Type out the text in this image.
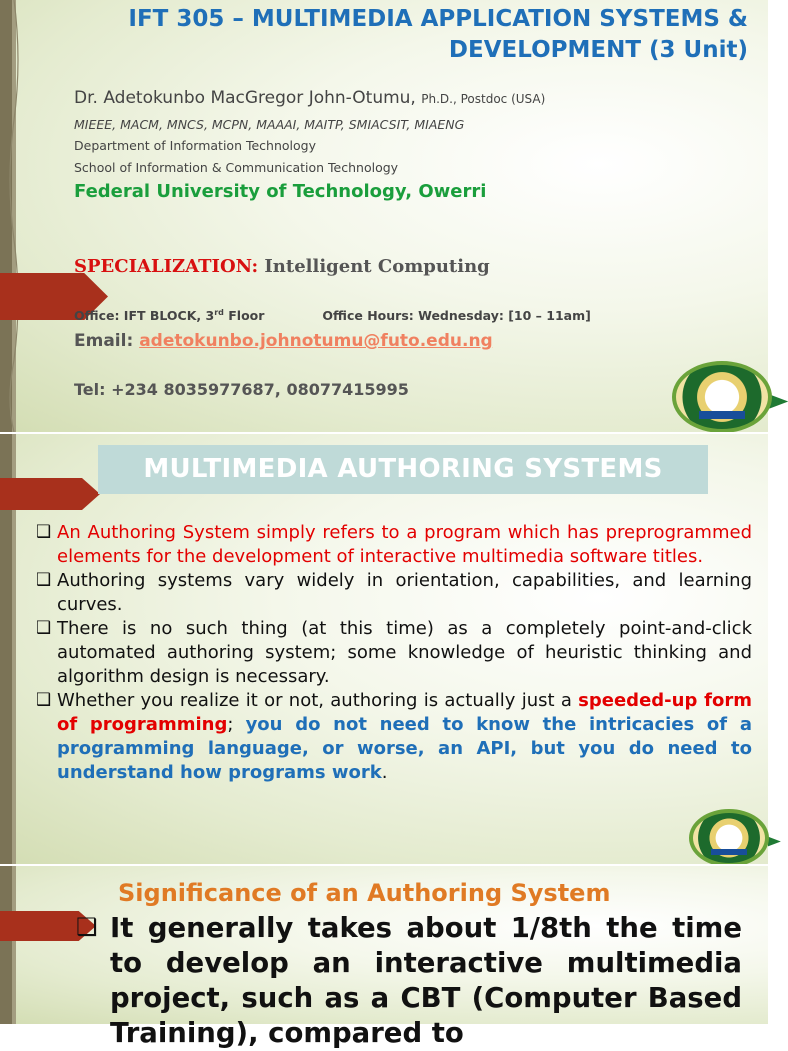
IFT 305 – MULTIMEDIA APPLICATION SYSTEMS & DEVELOPMENT (3 Unit)
Dr. Adetokunbo MacGregor John-Otumu, Ph.D., Postdoc (USA)
MIEEE, MACM, MNCS, MCPN, MAAAI, MAITP, SMIACSIT, MIAENG
Department of Information Technology
School of Information & Communication Technology
Federal University of Technology, Owerri
SPECIALIZATION: Intelligent Computing
Office: IFT BLOCK, 3rd Floor	Office Hours: Wednesday: [10 – 11am]
Email: adetokunbo.johnotumu@futo.edu.ng
Tel: +234 8035977687, 08077415995
MULTIMEDIA AUTHORING SYSTEMS
❑ An Authoring System simply refers to a program which has preprogrammed elements for the development of interactive multimedia software titles.
❑ Authoring systems vary widely in orientation, capabilities, and learning curves.
❑ There is no such thing (at this time) as a completely point-and-click automated authoring system; some knowledge of heuristic thinking and algorithm design is necessary.
❑ Whether you realize it or not, authoring is actually just a speeded-up form of programming; you do not need to know the intricacies of a programming language, or worse, an API, but you do need to understand how programs work.
Significance of an Authoring System

❑ It generally takes about 1/8th the time to develop an interactive multimedia project, such as a CBT (Computer Based Training), compared to
